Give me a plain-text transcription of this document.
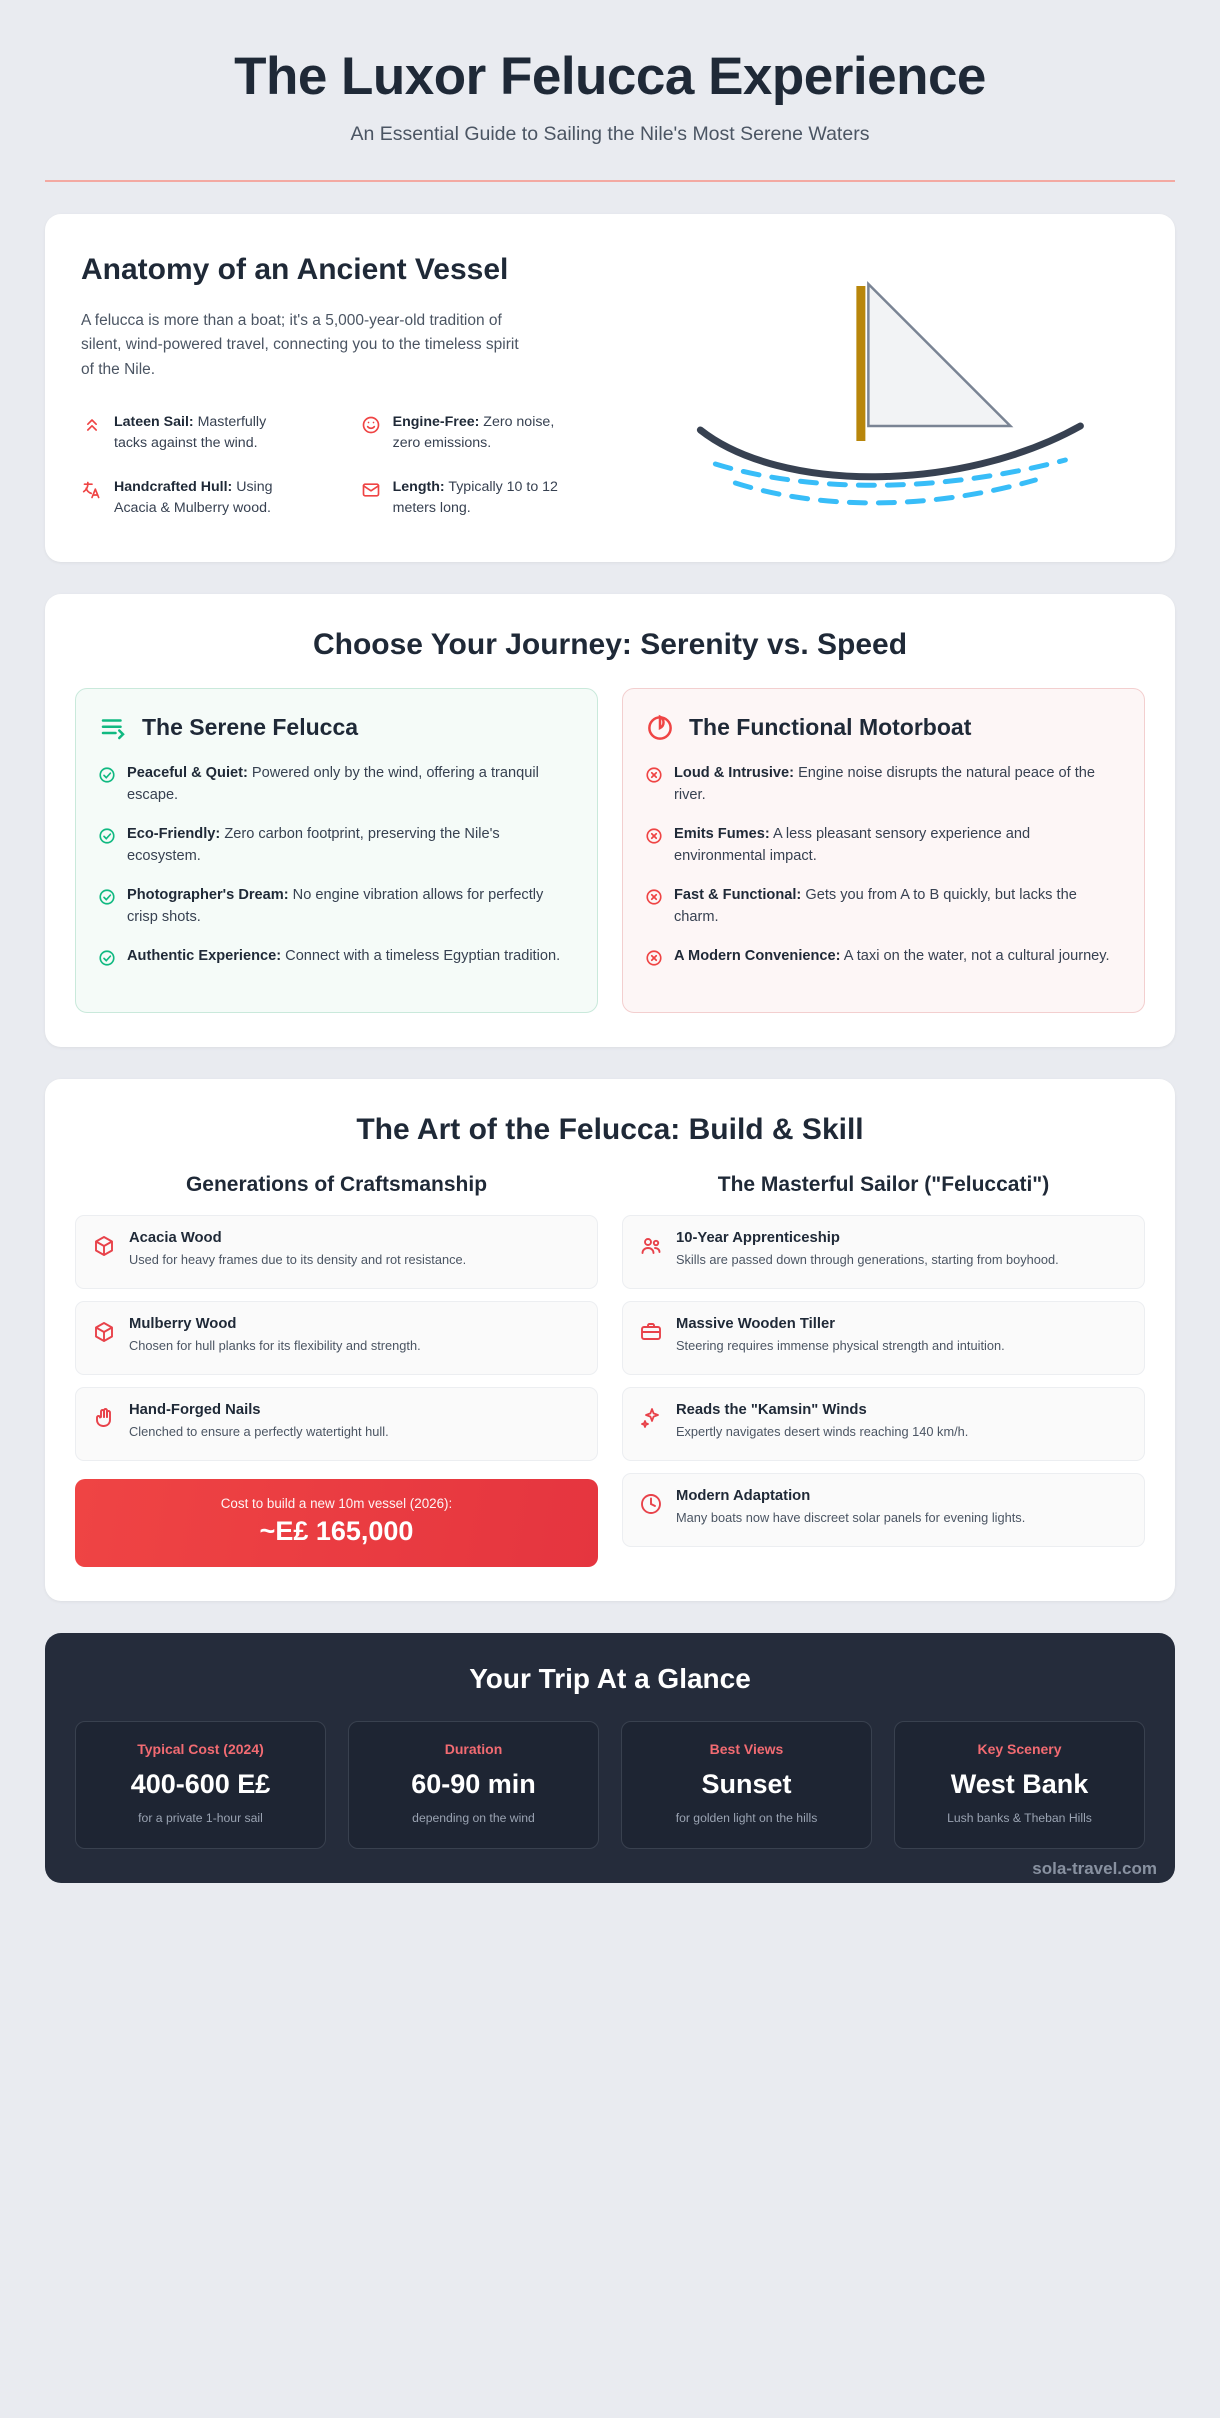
The Luxor Felucca Experience
An Essential Guide to Sailing the Nile's Most Serene Waters
Anatomy of an Ancient Vessel

A felucca is more than a boat; it's a 5,000-year-old tradition of silent, wind-powered travel, connecting you to the timeless spirit of the Nile.

Lateen Sail: Masterfully tacks against the wind.
Engine-Free: Zero noise, zero emissions.
Handcrafted Hull: Using Acacia & Mulberry wood.
Length: Typically 10 to 12 meters long.
Choose Your Journey: Serenity vs. Speed
The Serene Felucca
Peaceful & Quiet: Powered only by the wind, offering a tranquil escape.
Eco-Friendly: Zero carbon footprint, preserving the Nile's ecosystem.
Photographer's Dream: No engine vibration allows for perfectly crisp shots.
Authentic Experience: Connect with a timeless Egyptian tradition.
The Functional Motorboat
Loud & Intrusive: Engine noise disrupts the natural peace of the river.
Emits Fumes: A less pleasant sensory experience and environmental impact.
Fast & Functional: Gets you from A to B quickly, but lacks the charm.
A Modern Convenience: A taxi on the water, not a cultural journey.
The Art of the Felucca: Build & Skill
Generations of Craftsmanship
Acacia Wood
Used for heavy frames due to its density and rot resistance.
Mulberry Wood
Chosen for hull planks for its flexibility and strength.
Hand-Forged Nails
Clenched to ensure a perfectly watertight hull.
Cost to build a new 10m vessel (2026):
~E£ 165,000
The Masterful Sailor ("Feluccati")
10-Year Apprenticeship
Skills are passed down through generations, starting from boyhood.
Massive Wooden Tiller
Steering requires immense physical strength and intuition.
Reads the "Kamsin" Winds
Expertly navigates desert winds reaching 140 km/h.
Modern Adaptation
Many boats now have discreet solar panels for evening lights.
Your Trip At a Glance
Typical Cost (2024)
400-600 E£
for a private 1-hour sail
Duration
60-90 min
depending on the wind
Best Views
Sunset
for golden light on the hills
Key Scenery
West Bank
Lush banks & Theban Hills
sola-travel.com
